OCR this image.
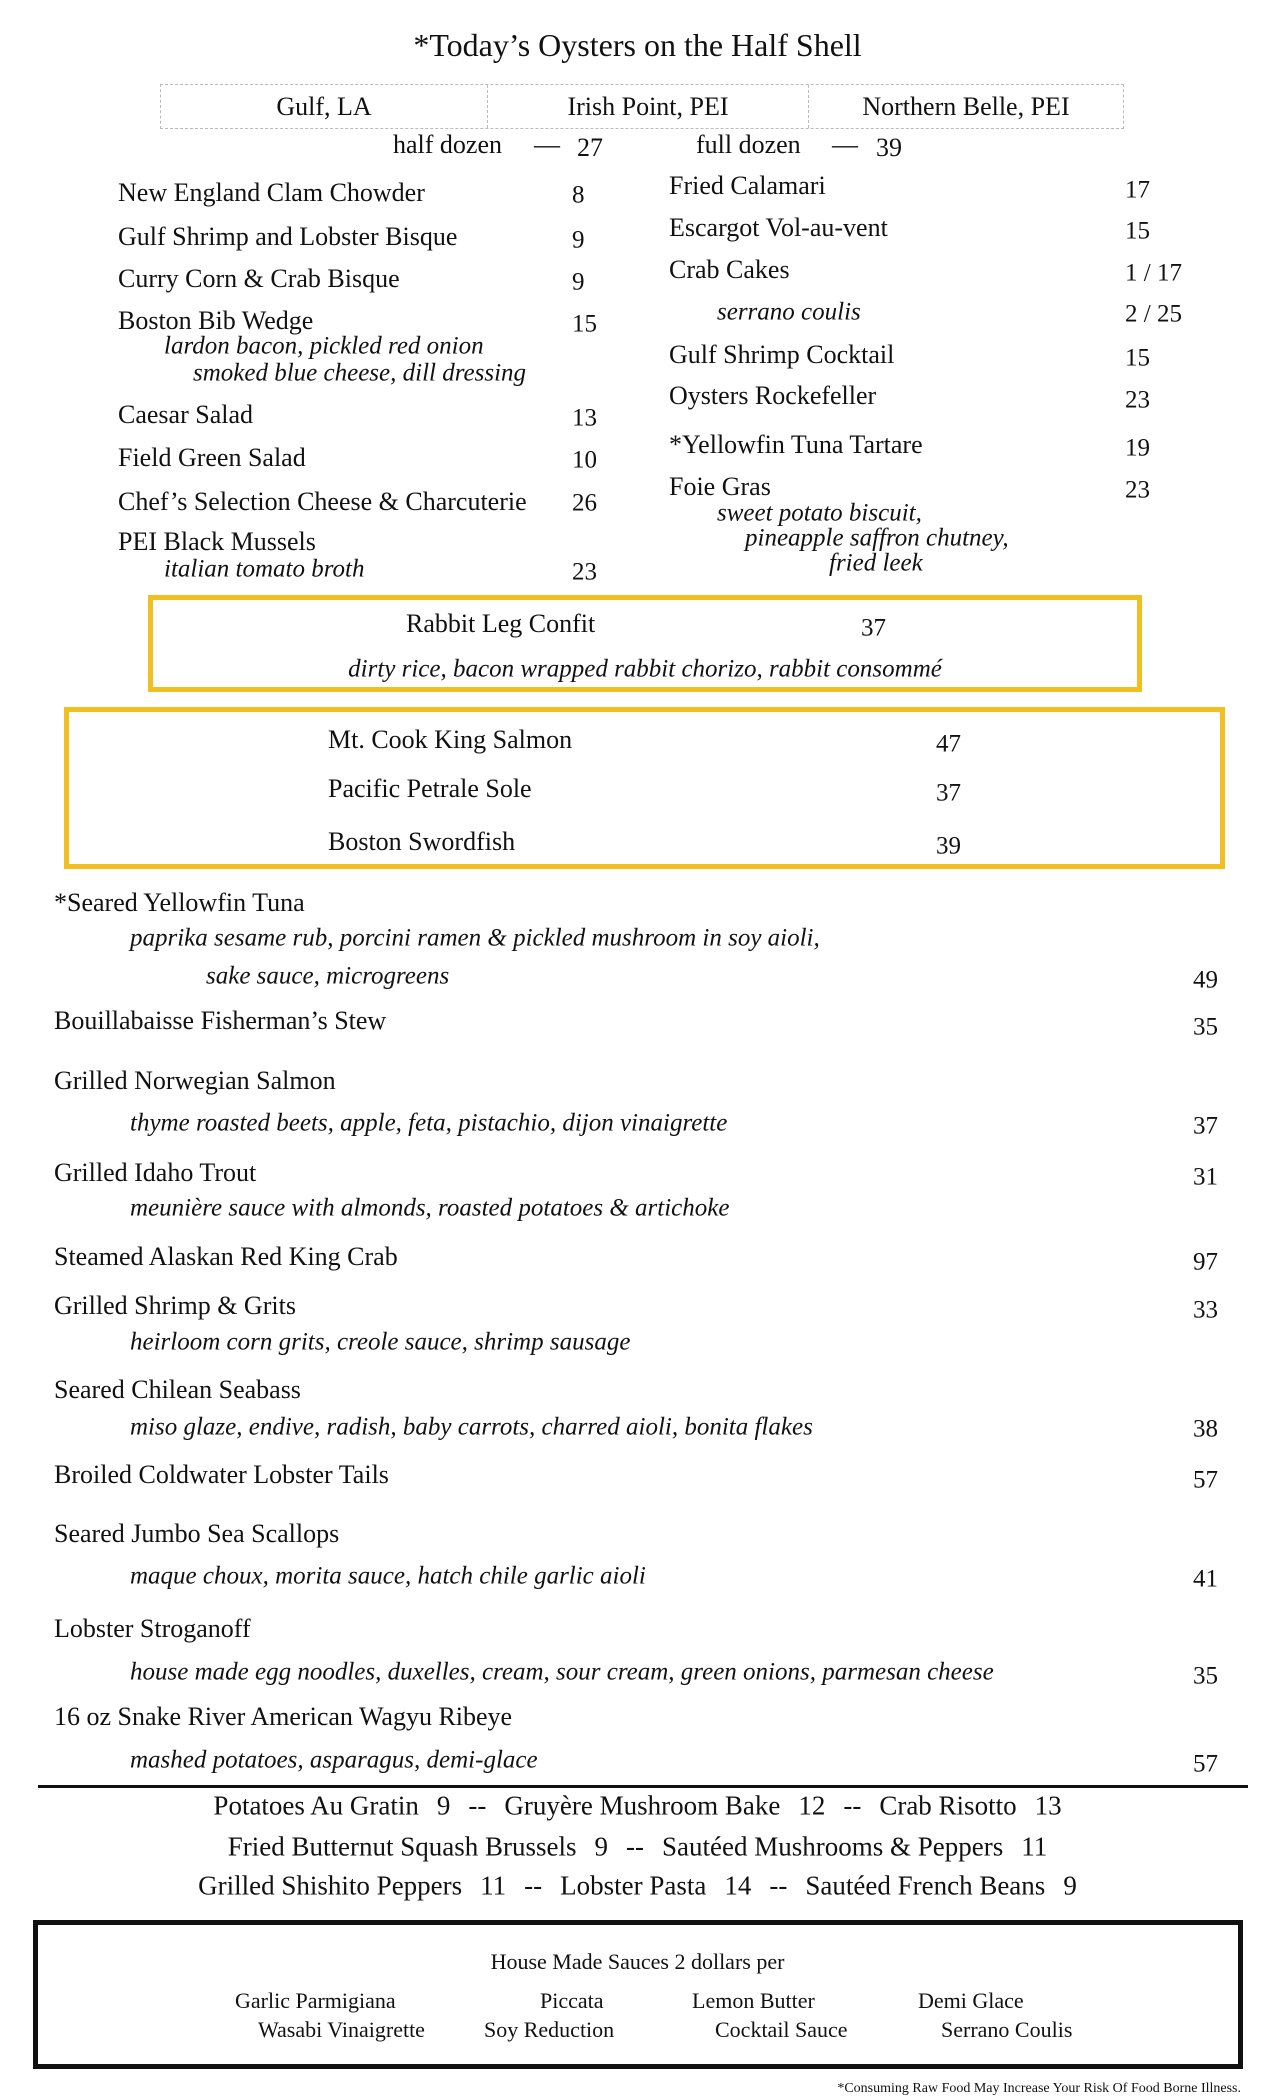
*Today’s Oysters on the Half Shell
Gulf, LA	Irish Point, PEI	Northern Belle, PEI
half dozen — 27	full dozen — 39
New England Clam Chowder	8
Gulf Shrimp and Lobster Bisque	9
Curry Corn & Crab Bisque	9
Boston Bib Wedge	15
lardon bacon, pickled red onion
smoked blue cheese, dill dressing
Caesar Salad	13
Field Green Salad	10
Chef’s Selection Cheese & Charcuterie 26
PEI Black Mussels
italian tomato broth	23
Fried Calamari	17
Escargot Vol-au-vent	15
Crab Cakes	1 / 17
serrano coulis	2 / 25
Gulf Shrimp Cocktail	15
Oysters Rockefeller	23
*Yellowfin Tuna Tartare	19
Foie Gras	23
sweet potato biscuit,
pineapple saffron chutney,
fried leek
Rabbit Leg Confit	37
dirty rice, bacon wrapped rabbit chorizo, rabbit consommé
Mt. Cook King Salmon	47
Pacific Petrale Sole	37
Boston Swordfish	39
*Seared Yellowfin Tuna
paprika sesame rub, porcini ramen & pickled mushroom in soy aioli,
sake sauce, microgreens	49
Bouillabaisse Fisherman’s Stew	35
Grilled Norwegian Salmon
thyme roasted beets, apple, feta, pistachio, dijon vinaigrette	37
Grilled Idaho Trout	31
meunière sauce with almonds, roasted potatoes & artichoke
Steamed Alaskan Red King Crab	97
Grilled Shrimp & Grits	33
heirloom corn grits, creole sauce, shrimp sausage
Seared Chilean Seabass
miso glaze, endive, radish, baby carrots, charred aioli, bonita flakes	38
Broiled Coldwater Lobster Tails	57
Seared Jumbo Sea Scallops
maque choux, morita sauce, hatch chile garlic aioli	41
Lobster Stroganoff
house made egg noodles, duxelles, cream, sour cream, green onions, parmesan cheese	35
16 oz Snake River American Wagyu Ribeye
mashed potatoes, asparagus, demi-glace	57
Potatoes Au Gratin 9 -- Gruyère Mushroom Bake 12 -- Crab Risotto 13
Fried Butternut Squash Brussels 9 -- Sautéed Mushrooms & Peppers 11
Grilled Shishito Peppers 11 -- Lobster Pasta 14 -- Sautéed French Beans 9
House Made Sauces 2 dollars per
Garlic Parmigiana	Piccata	Lemon Butter	Demi Glace
Wasabi Vinaigrette	Soy Reduction	Cocktail Sauce	Serrano Coulis
*Consuming Raw Food May Increase Your Risk Of Food Borne Illness.
